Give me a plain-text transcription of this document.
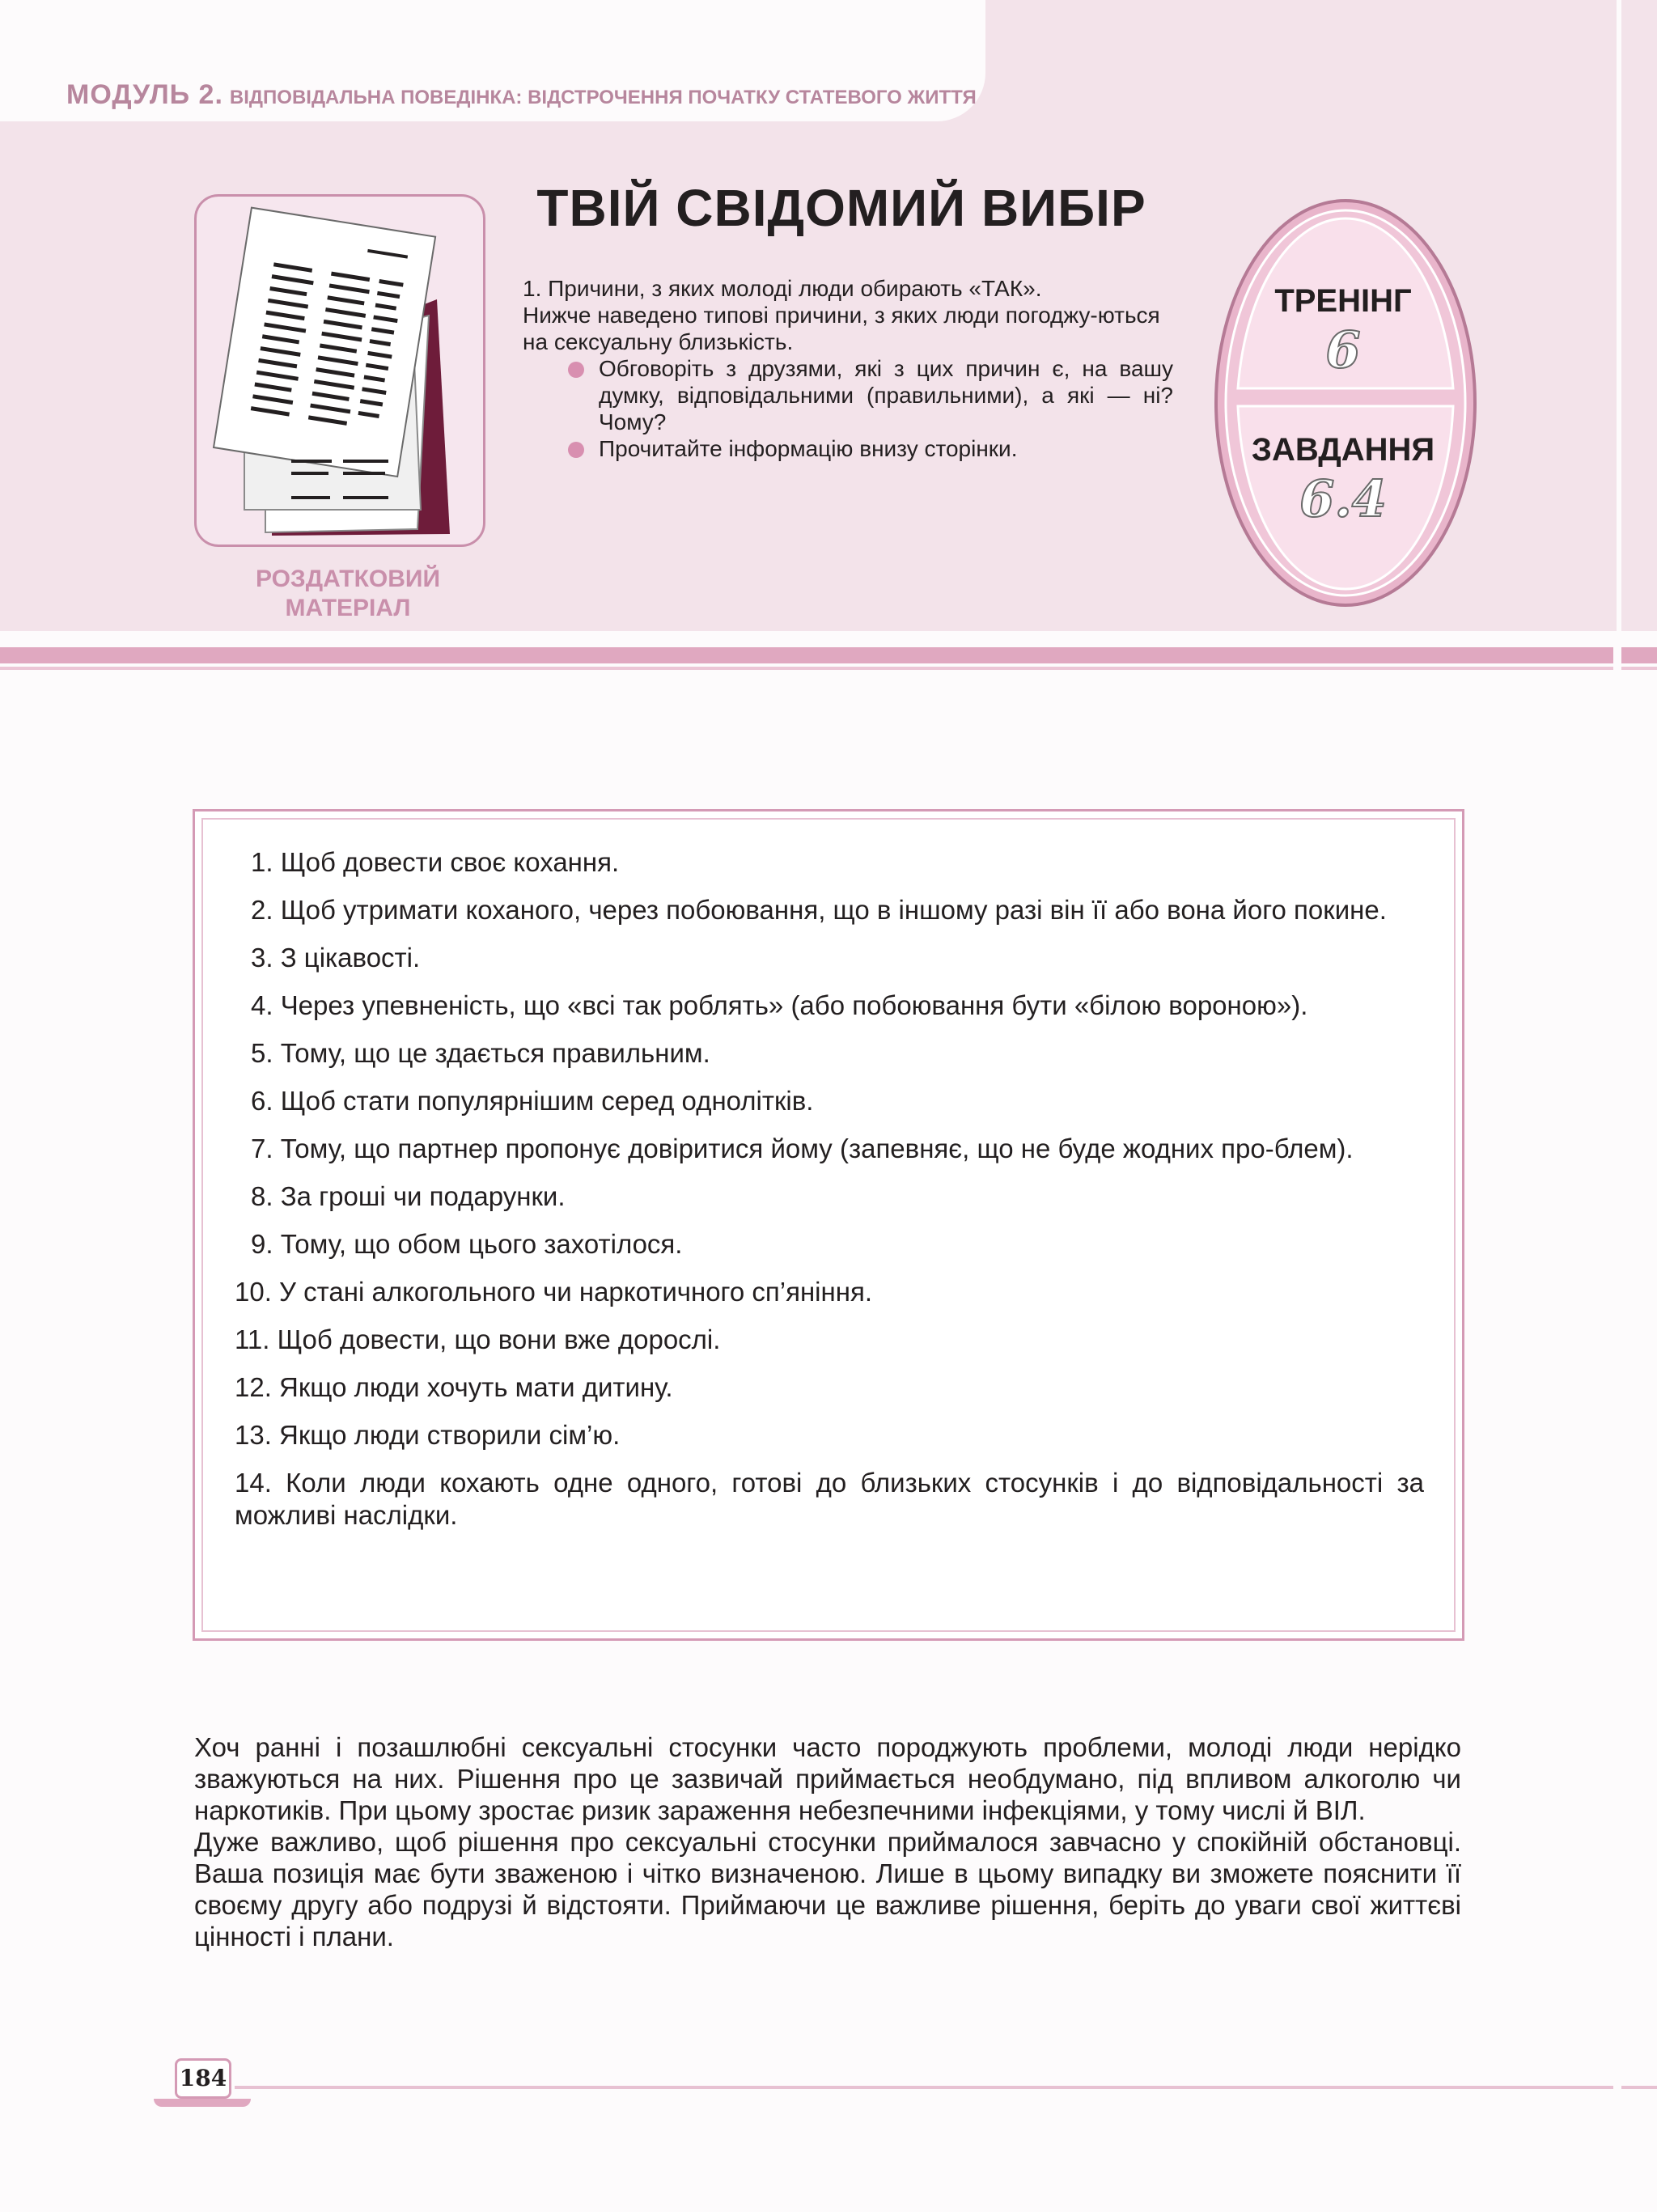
МОДУЛЬ 2. ВІДПОВІДАЛЬНА ПОВЕДІНКА: ВІДСТРОЧЕННЯ ПОЧАТКУ СТАТЕВОГО ЖИТТЯ
РОЗДАТКОВИЙ
МАТЕРІАЛ
ТВІЙ СВІДОМИЙ ВИБІР

1. Причини, з яких молоді люди обирають «ТАК».

Нижче наведено типові причини, з яких люди погоджу-ються на сексуальну близькість.

Обговоріть з друзями, які з цих причин є, на вашу думку, відповідальними (правильними), а які — ні? Чому?
Прочитайте інформацію внизу сторінки.
ТРЕНІНГ
6
ЗАВДАННЯ
6.4
1. Щоб довести своє кохання.
2. Щоб утримати коханого, через побоювання, що в іншому разі він її або вона його покине.
3. З цікавості.
4. Через упевненість, що «всі так роблять» (або побоювання бути «білою вороною»).
5. Тому, що це здається правильним.
6. Щоб стати популярнішим серед однолітків.
7. Тому, що партнер пропонує довіритися йому (запевняє, що не буде жодних про-блем).
8. За гроші чи подарунки.
9. Тому, що обом цього захотілося.
10. У стані алкогольного чи наркотичного сп’яніння.
11. Щоб довести, що вони вже дорослі.
12. Якщо люди хочуть мати дитину.
13. Якщо люди створили сім’ю.
14. Коли люди кохають одне одного, готові до близьких стосунків і до відповідальності за можливі наслідки.

Хоч ранні і позашлюбні сексуальні стосунки часто породжують проблеми, молоді люди нерідко зважуються на них. Рішення про це зазвичай приймається необдумано, під впливом алкоголю чи наркотиків. При цьому зростає ризик зараження небезпечними інфекціями, у тому числі й ВІЛ.

Дуже важливо, щоб рішення про сексуальні стосунки приймалося завчасно у спокійній обстановці. Ваша позиція має бути зваженою і чітко визначеною. Лише в цьому випадку ви зможете пояснити її своєму другу або подрузі й відстояти. Приймаючи це важливе рішення, беріть до уваги свої життєві цінності і плани.

184
